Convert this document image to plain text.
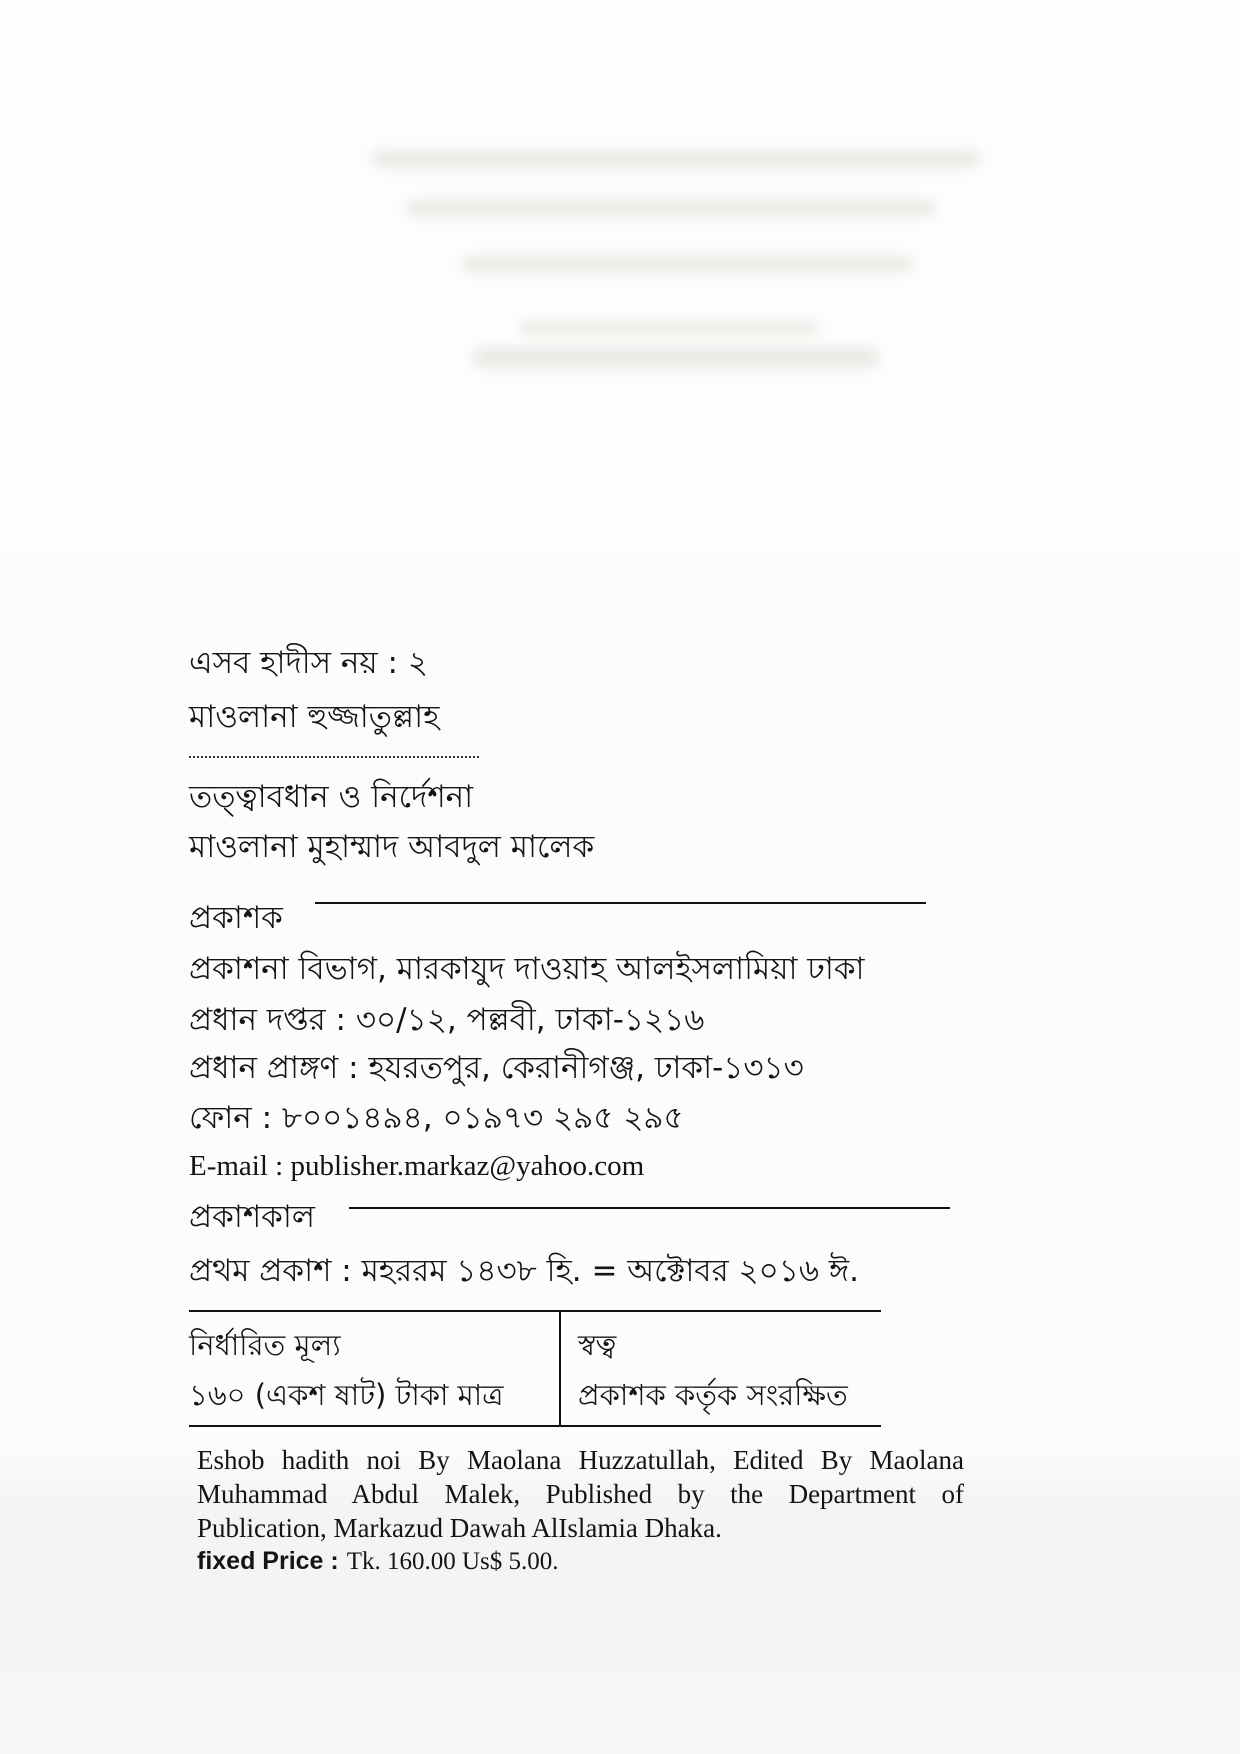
এসব হাদীস নয় : ২
মাওলানা হুজ্জাতুল্লাহ
তত্ত্বাবধান ও নির্দেশনা
মাওলানা মুহাম্মাদ আবদুল মালেক
প্রকাশক
প্রকাশনা বিভাগ, মারকাযুদ দাওয়াহ আলইসলামিয়া ঢাকা
প্রধান দপ্তর : ৩০/১২, পল্লবী, ঢাকা-১২১৬
প্রধান প্রাঙ্গণ : হযরতপুর, কেরানীগঞ্জ, ঢাকা-১৩১৩
ফোন : ৮০০১৪৯৪, ০১৯৭৩ ২৯৫ ২৯৫
E-mail : publisher.markaz@yahoo.com
প্রকাশকাল
প্রথম প্রকাশ : মহররম ১৪৩৮ হি. = অক্টোবর ২০১৬ ঈ.
নির্ধারিত মূল্য	স্বত্ব
১৬০ (একশ ষাট) টাকা মাত্র	প্রকাশক কর্তৃক সংরক্ষিত
Eshob hadith noi By Maolana Huzzatullah, Edited By Maolana Muhammad Abdul Malek, Published by the Department of Publication, Markazud Dawah AlIslamia Dhaka.
fixed Price : Tk. 160.00 Us$ 5.00.
